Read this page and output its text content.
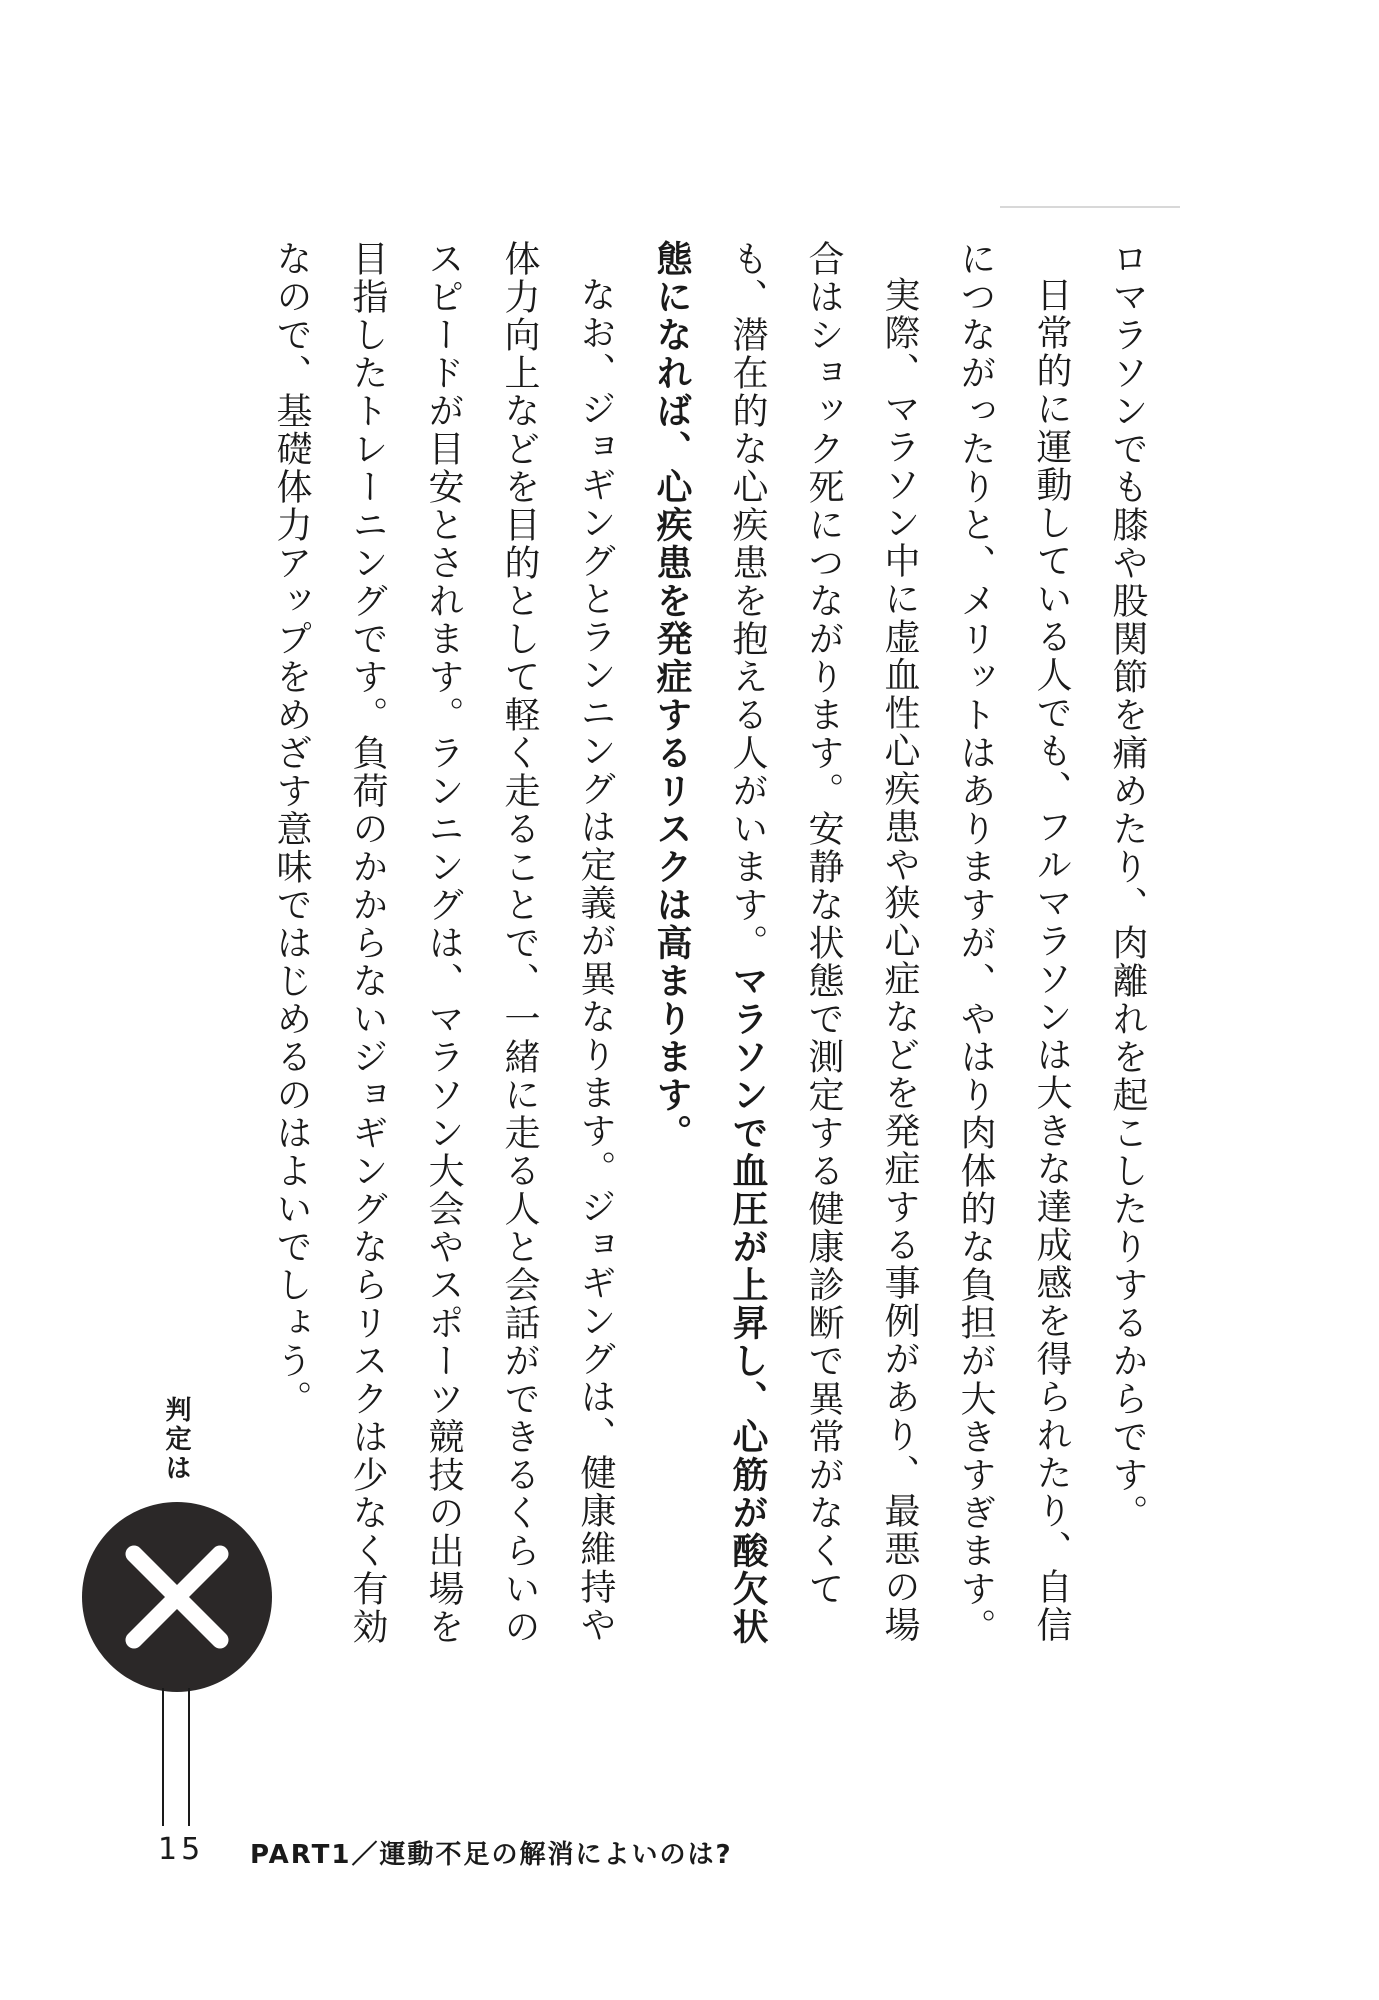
ロマラソンでも膝や股関節を痛めたり、肉離れを起こしたりするからです。

日常的に運動している人でも、フルマラソンは大きな達成感を得られたり、自信につながったりと、メリットはありますが、やはり肉体的な負担が大きすぎます。

実際、マラソン中に虚血性心疾患や狭心症などを発症する事例があり、最悪の場合はショック死につながります。安静な状態で測定する健康診断で異常がなくても、潜在的な心疾患を抱える人がいます。マラソンで血圧が上昇し、心筋が酸欠状態になれば、心疾患を発症するリスクは高まります。

なお、ジョギングとランニングは定義が異なります。ジョギングは、健康維持や体力向上などを目的として軽く走ることで、一緒に走る人と会話ができるくらいのスピードが目安とされます。ランニングは、マラソン大会やスポーツ競技の出場を目指したトレーニングです。負荷のかからないジョギングならリスクは少なく有効なので、基礎体力アップをめざす意味ではじめるのはよいでしょう。

判定は
15 PART1／運動不足の解消によいのは?
